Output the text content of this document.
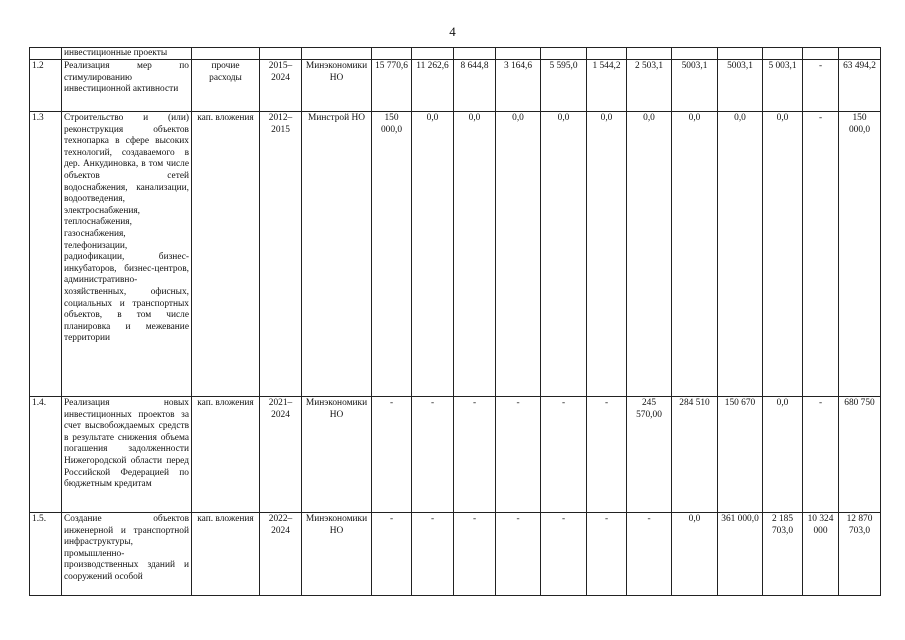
4
	инвестиционные проекты															
1.2	Реализация мер по стимулированию инвестиционной активности	прочие расходы	2015–2024	Минэкономики НО	15 770,6	11 262,6	8 644,8	3 164,6	5 595,0	1 544,2	2 503,1	5003,1	5003,1	5 003,1	-	63 494,2
1.3	Строительство и (или) реконструкция объектов технопарка в сфере высоких технологий, создаваемого в дер. Анкудиновка, в том числе объектов сетей водоснабжения, канализации, водоотведения, электроснабжения, теплоснабжения, газоснабжения, телефонизации, радиофикации, бизнес-инкубаторов, бизнес-центров, административно-хозяйственных, офисных, социальных и транспортных объектов, в том числе планировка и межевание территории	кап. вложения	2012–2015	Минстрой НО	150 000,0	0,0	0,0	0,0	0,0	0,0	0,0	0,0	0,0	0,0	-	150 000,0
1.4.	Реализация новых инвестиционных проектов за счет высвобождаемых средств в результате снижения объема погашения задолженности Нижегородской области перед Российской Федерацией по бюджетным кредитам	кап. вложения	2021–2024	Минэкономики НО	-	-	-	-	-	-	245 570,00	284 510	150 670	0,0	-	680 750
1.5.	Создание объектов инженерной и транспортной инфраструктуры, промышленно-производственных зданий и сооружений особой	кап. вложения	2022–2024	Минэкономики НО	-	-	-	-	-	-	-	0,0	361 000,0	2 185 703,0	10 324 000	12 870 703,0
